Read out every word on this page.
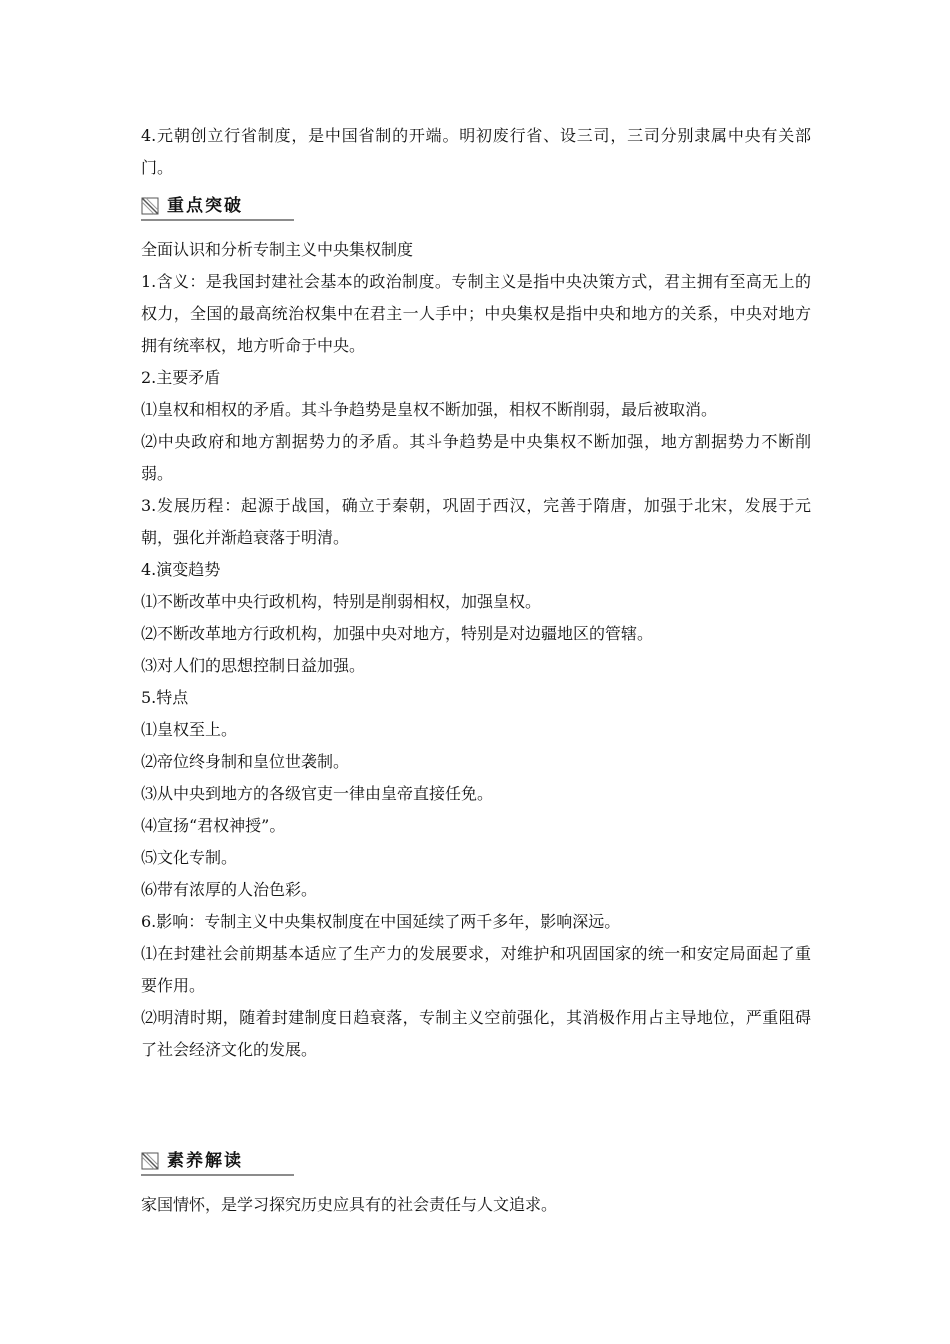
4.元朝创立行省制度，是中国省制的开端。明初废行省、设三司，三司分别隶属中央有关部门。

重点突破

全面认识和分析专制主义中央集权制度

1.含义：是我国封建社会基本的政治制度。专制主义是指中央决策方式，君主拥有至高无上的权力，全国的最高统治权集中在君主一人手中；中央集权是指中央和地方的关系，中央对地方拥有统率权，地方听命于中央。

2.主要矛盾

⑴皇权和相权的矛盾。其斗争趋势是皇权不断加强，相权不断削弱，最后被取消。

⑵中央政府和地方割据势力的矛盾。其斗争趋势是中央集权不断加强，地方割据势力不断削弱。

3.发展历程：起源于战国，确立于秦朝，巩固于西汉，完善于隋唐，加强于北宋，发展于元朝，强化并渐趋衰落于明清。

4.演变趋势

⑴不断改革中央行政机构，特别是削弱相权，加强皇权。

⑵不断改革地方行政机构，加强中央对地方，特别是对边疆地区的管辖。

⑶对人们的思想控制日益加强。

5.特点

⑴皇权至上。

⑵帝位终身制和皇位世袭制。

⑶从中央到地方的各级官吏一律由皇帝直接任免。

⑷宣扬“君权神授”。

⑸文化专制。

⑹带有浓厚的人治色彩。

6.影响：专制主义中央集权制度在中国延续了两千多年，影响深远。

⑴在封建社会前期基本适应了生产力的发展要求，对维护和巩固国家的统一和安定局面起了重要作用。

⑵明清时期，随着封建制度日趋衰落，专制主义空前强化，其消极作用占主导地位，严重阻碍了社会经济文化的发展。

素养解读

家国情怀，是学习探究历史应具有的社会责任与人文追求。
